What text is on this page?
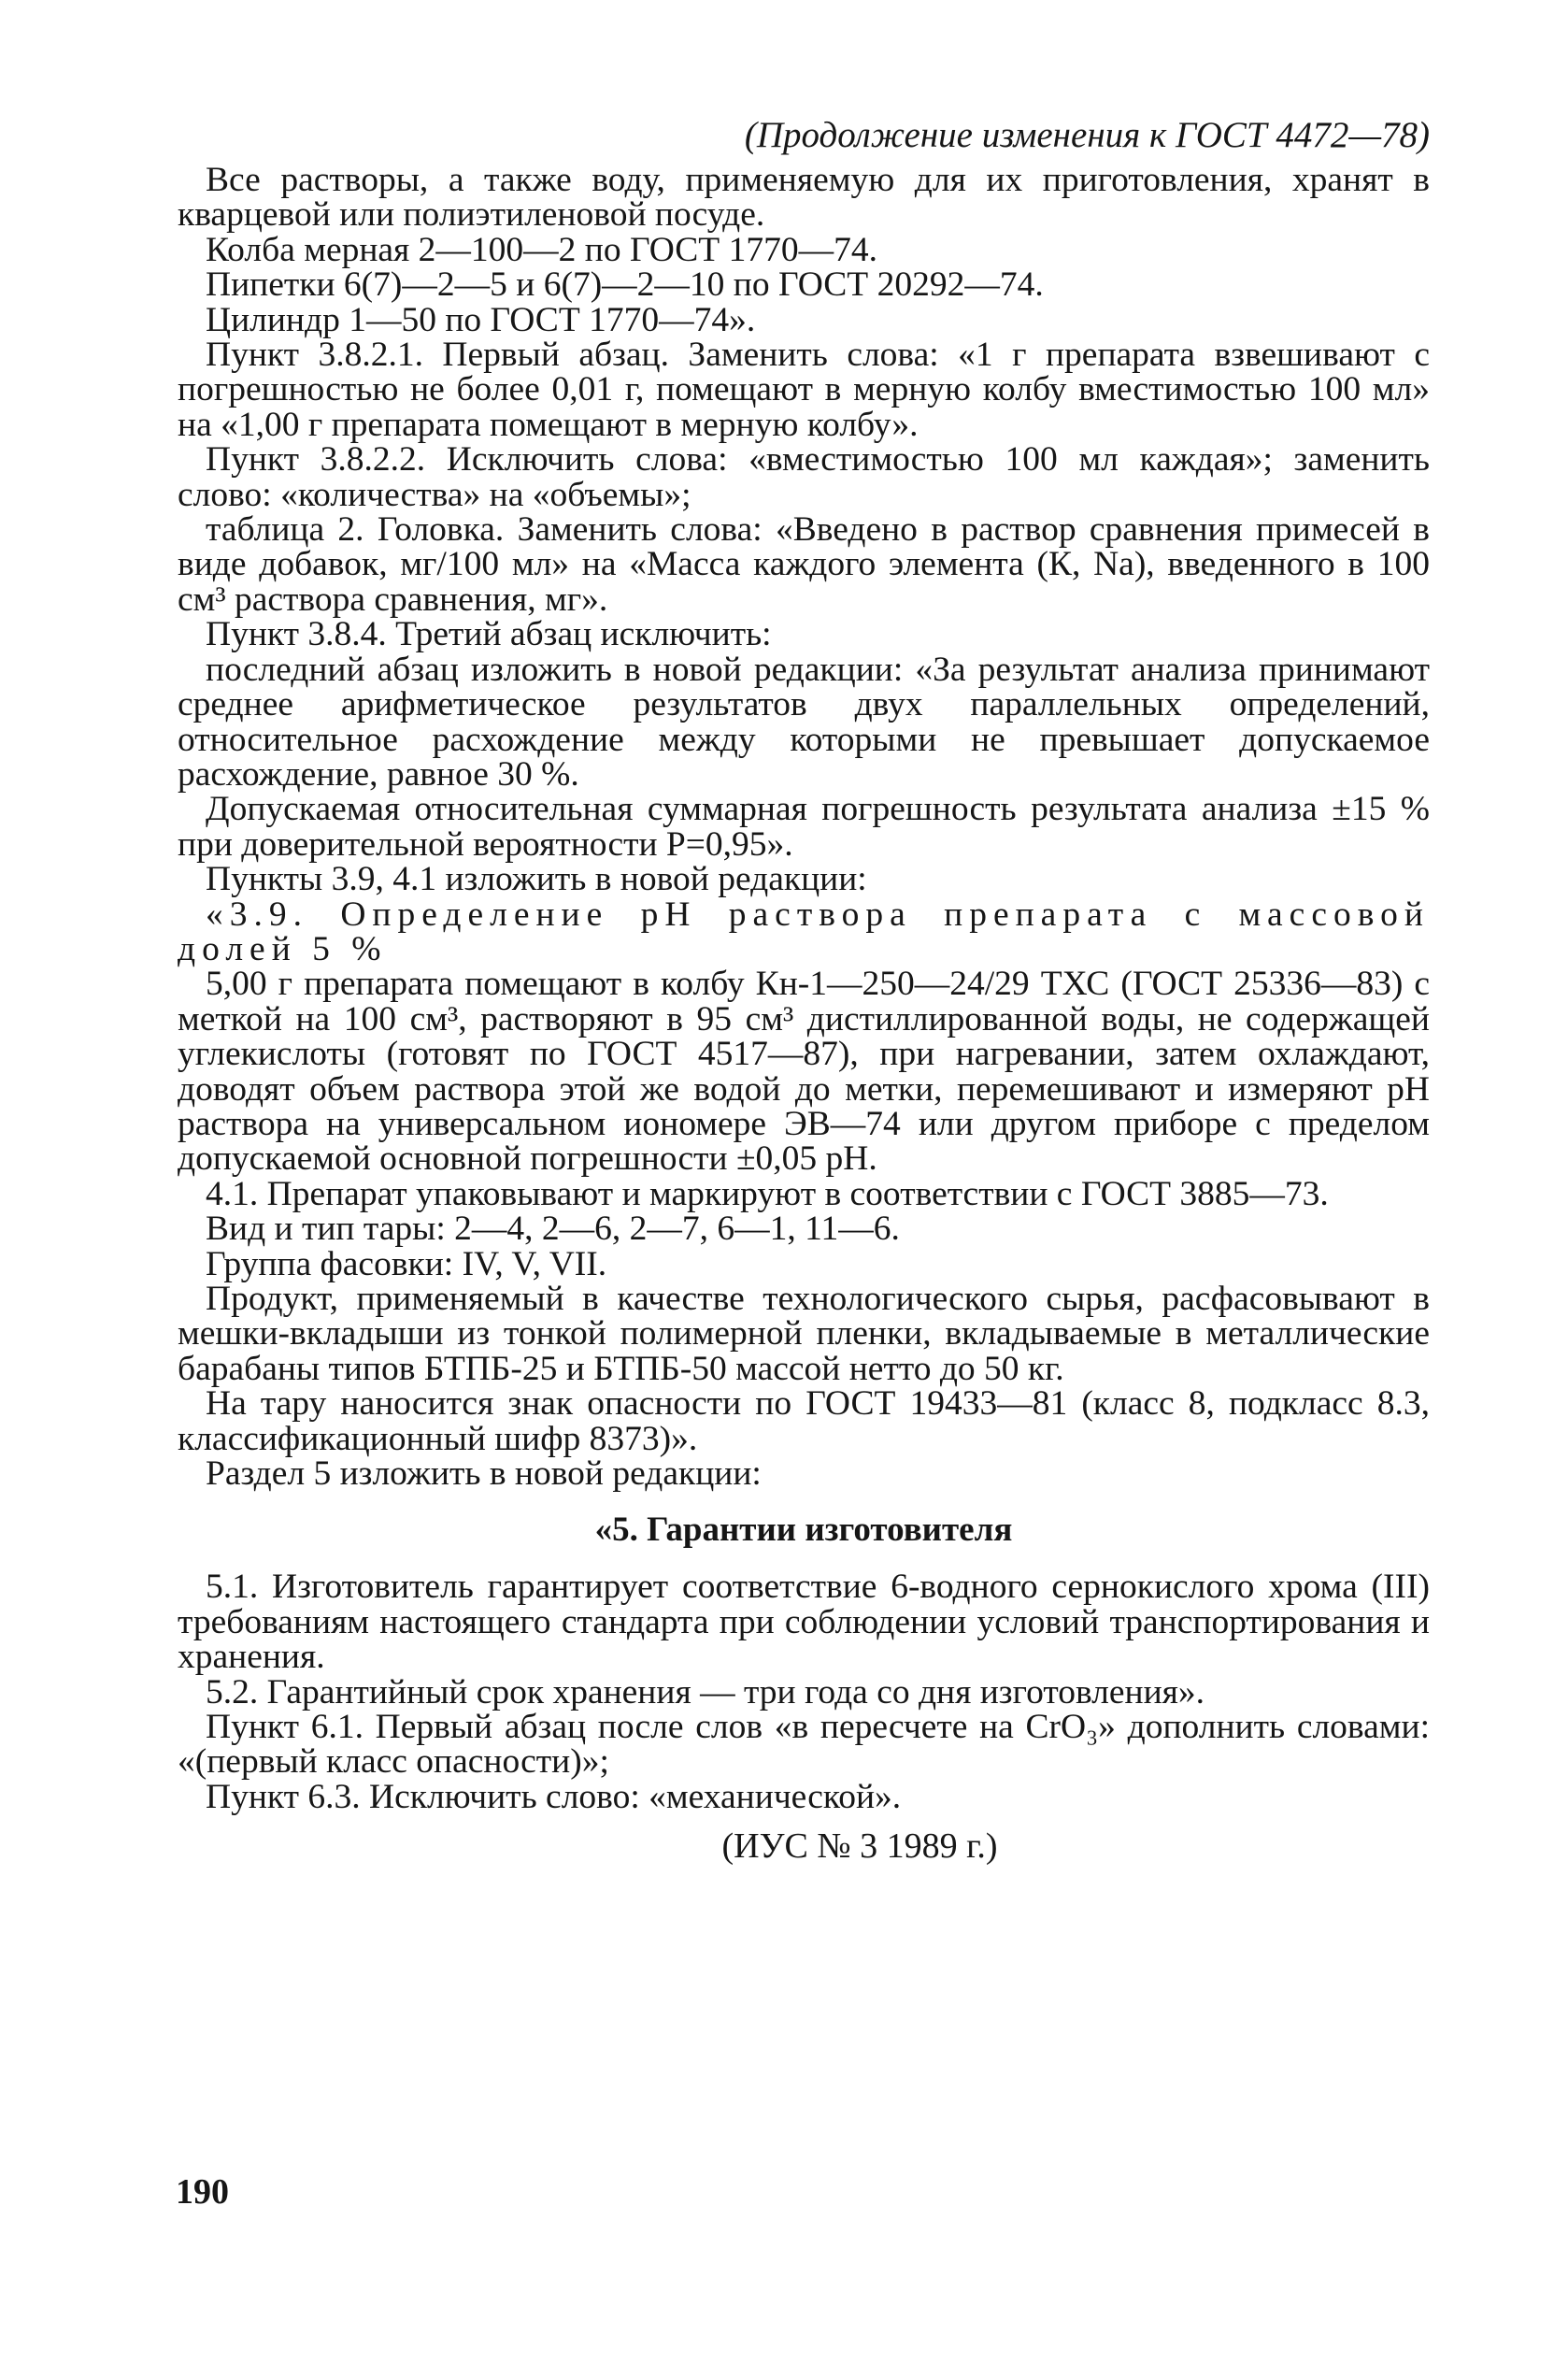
(Продолжение изменения к ГОСТ 4472—78)

Все растворы, а также воду, применяемую для их приготовления, хранят в кварцевой или полиэтиленовой посуде.

Колба мерная 2—100—2 по ГОСТ 1770—74.

Пипетки 6(7)—2—5 и 6(7)—2—10 по ГОСТ 20292—74.

Цилиндр 1—50 по ГОСТ 1770—74».

Пункт 3.8.2.1. Первый абзац. Заменить слова: «1 г препарата взвешивают с погрешностью не более 0,01 г, помещают в мерную колбу вместимостью 100 мл» на «1,00 г препарата помещают в мерную колбу».

Пункт 3.8.2.2. Исключить слова: «вместимостью 100 мл каждая»; заменить слово: «количества» на «объемы»;

таблица 2. Головка. Заменить слова: «Введено в раствор сравнения примесей в виде добавок, мг/100 мл» на «Масса каждого элемента (К, Na), введенного в 100 см³ раствора сравнения, мг».

Пункт 3.8.4. Третий абзац исключить:

последний абзац изложить в новой редакции: «За результат анализа принимают среднее арифметическое результатов двух параллельных определений, относительное расхождение между которыми не превышает допускаемое расхождение, равное 30 %.

Допускаемая относительная суммарная погрешность результата анализа ±15 % при доверительной вероятности P=0,95».

Пункты 3.9, 4.1 изложить в новой редакции:

«3.9. Определение pH раствора препарата с массовой долей 5 %

5,00 г препарата помещают в колбу Кн-1—250—24/29 ТХС (ГОСТ 25336—83) с меткой на 100 см³, растворяют в 95 см³ дистиллированной воды, не содержащей углекислоты (готовят по ГОСТ 4517—87), при нагревании, затем охлаждают, доводят объем раствора этой же водой до метки, перемешивают и измеряют pH раствора на универсальном иономере ЭВ—74 или другом приборе с пределом допускаемой основной погрешности ±0,05 pH.

4.1. Препарат упаковывают и маркируют в соответствии с ГОСТ 3885—73.

Вид и тип тары: 2—4, 2—6, 2—7, 6—1, 11—6.

Группа фасовки: IV, V, VII.

Продукт, применяемый в качестве технологического сырья, расфасовывают в мешки-вкладыши из тонкой полимерной пленки, вкладываемые в металлические барабаны типов БТПБ-25 и БТПБ-50 массой нетто до 50 кг.

На тару наносится знак опасности по ГОСТ 19433—81 (класс 8, подкласс 8.3, классификационный шифр 8373)».

Раздел 5 изложить в новой редакции:

«5. Гарантии изготовителя

5.1. Изготовитель гарантирует соответствие 6-водного сернокислого хрома (III) требованиям настоящего стандарта при соблюдении условий транспортирования и хранения.

5.2. Гарантийный срок хранения — три года со дня изготовления».

Пункт 6.1. Первый абзац после слов «в пересчете на CrO₃» дополнить словами: «(первый класс опасности)»;

Пункт 6.3. Исключить слово: «механической».

(ИУС № 3 1989 г.)
190
